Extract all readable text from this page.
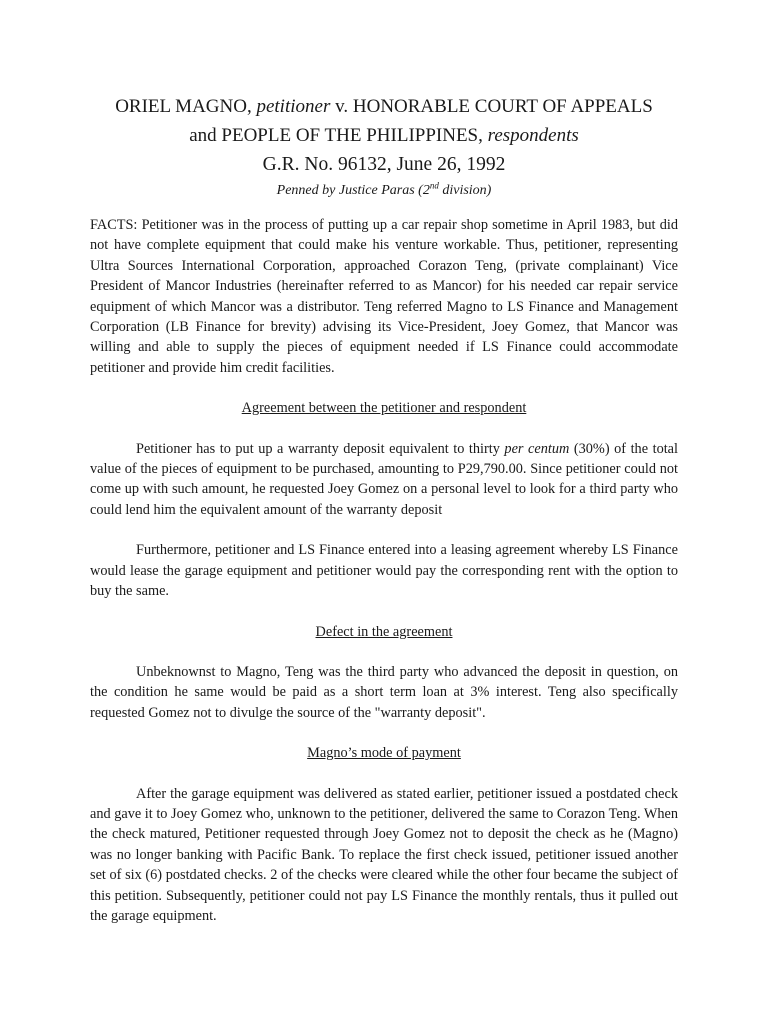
ORIEL MAGNO, petitioner v. HONORABLE COURT OF APPEALS
and PEOPLE OF THE PHILIPPINES, respondents
G.R. No. 96132, June 26, 1992
Penned by Justice Paras (2nd division)

FACTS: Petitioner was in the process of putting up a car repair shop sometime in April 1983, but did not have complete equipment that could make his venture workable. Thus, petitioner, representing Ultra Sources International Corporation, approached Corazon Teng, (private complainant) Vice President of Mancor Industries (hereinafter referred to as Mancor) for his needed car repair service equipment of which Mancor was a distributor. Teng referred Magno to LS Finance and Management Corporation (LB Finance for brevity) advising its Vice-President, Joey Gomez, that Mancor was willing and able to supply the pieces of equipment needed if LS Finance could accommodate petitioner and provide him credit facilities.

Agreement between the petitioner and respondent

Petitioner has to put up a warranty deposit equivalent to thirty per centum (30%) of the total value of the pieces of equipment to be purchased, amounting to P29,790.00. Since petitioner could not come up with such amount, he requested Joey Gomez on a personal level to look for a third party who could lend him the equivalent amount of the warranty deposit

Furthermore, petitioner and LS Finance entered into a leasing agreement whereby LS Finance would lease the garage equipment and petitioner would pay the corresponding rent with the option to buy the same.

Defect in the agreement

Unbeknownst to Magno, Teng was the third party who advanced the deposit in question, on the condition he same would be paid as a short term loan at 3% interest. Teng also specifically requested Gomez not to divulge the source of the "warranty deposit".

Magno’s mode of payment

After the garage equipment was delivered as stated earlier, petitioner issued a postdated check and gave it to Joey Gomez who, unknown to the petitioner, delivered the same to Corazon Teng. When the check matured, Petitioner requested through Joey Gomez not to deposit the check as he (Magno) was no longer banking with Pacific Bank. To replace the first check issued, petitioner issued another set of six (6) postdated checks. 2 of the checks were cleared while the other four became the subject of this petition. Subsequently, petitioner could not pay LS Finance the monthly rentals, thus it pulled out the garage equipment.
